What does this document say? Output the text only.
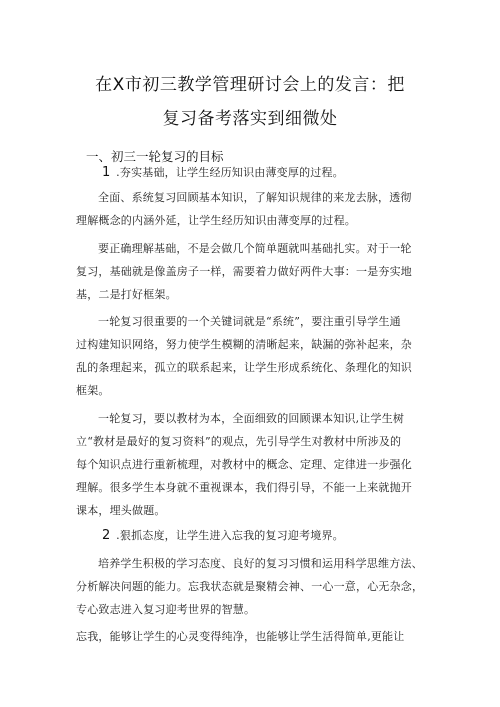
在X市初三教学管理研讨会上的发言：把
复习备考落实到细微处
一、初三一轮复习的目标
1 .夯实基础，让学生经历知识由薄变厚的过程。
全面、系统复习回顾基本知识，了解知识规律的来龙去脉，透彻
理解概念的内涵外延，让学生经历知识由薄变厚的过程。
要正确理解基础，不是会做几个简单题就叫基础扎实。对于一轮
复习，基础就是像盖房子一样，需要着力做好两件大事：一是夯实地
基，二是打好框架。
一轮复习很重要的一个关键词就是“系统”，要注重引导学生通
过构建知识网络，努力使学生模糊的清晰起来，缺漏的弥补起来，杂
乱的条理起来，孤立的联系起来，让学生形成系统化、条理化的知识
框架。
一轮复习，要以教材为本，全面细致的回顾课本知识,让学生树
立“教材是最好的复习资料”的观点，先引导学生对教材中所涉及的
每个知识点进行重新梳理，对教材中的概念、定理、定律进一步强化
理解。很多学生本身就不重视课本，我们得引导，不能一上来就抛开
课本，埋头做题。
2 .狠抓态度，让学生进入忘我的复习迎考境界。
培养学生积极的学习态度、良好的复习习惯和运用科学思维方法、
分析解决问题的能力。忘我状态就是聚精会神、一心一意，心无杂念，
专心致志进入复习迎考世界的智慧。
忘我，能够让学生的心灵变得纯净，也能够让学生活得简单,更能让
